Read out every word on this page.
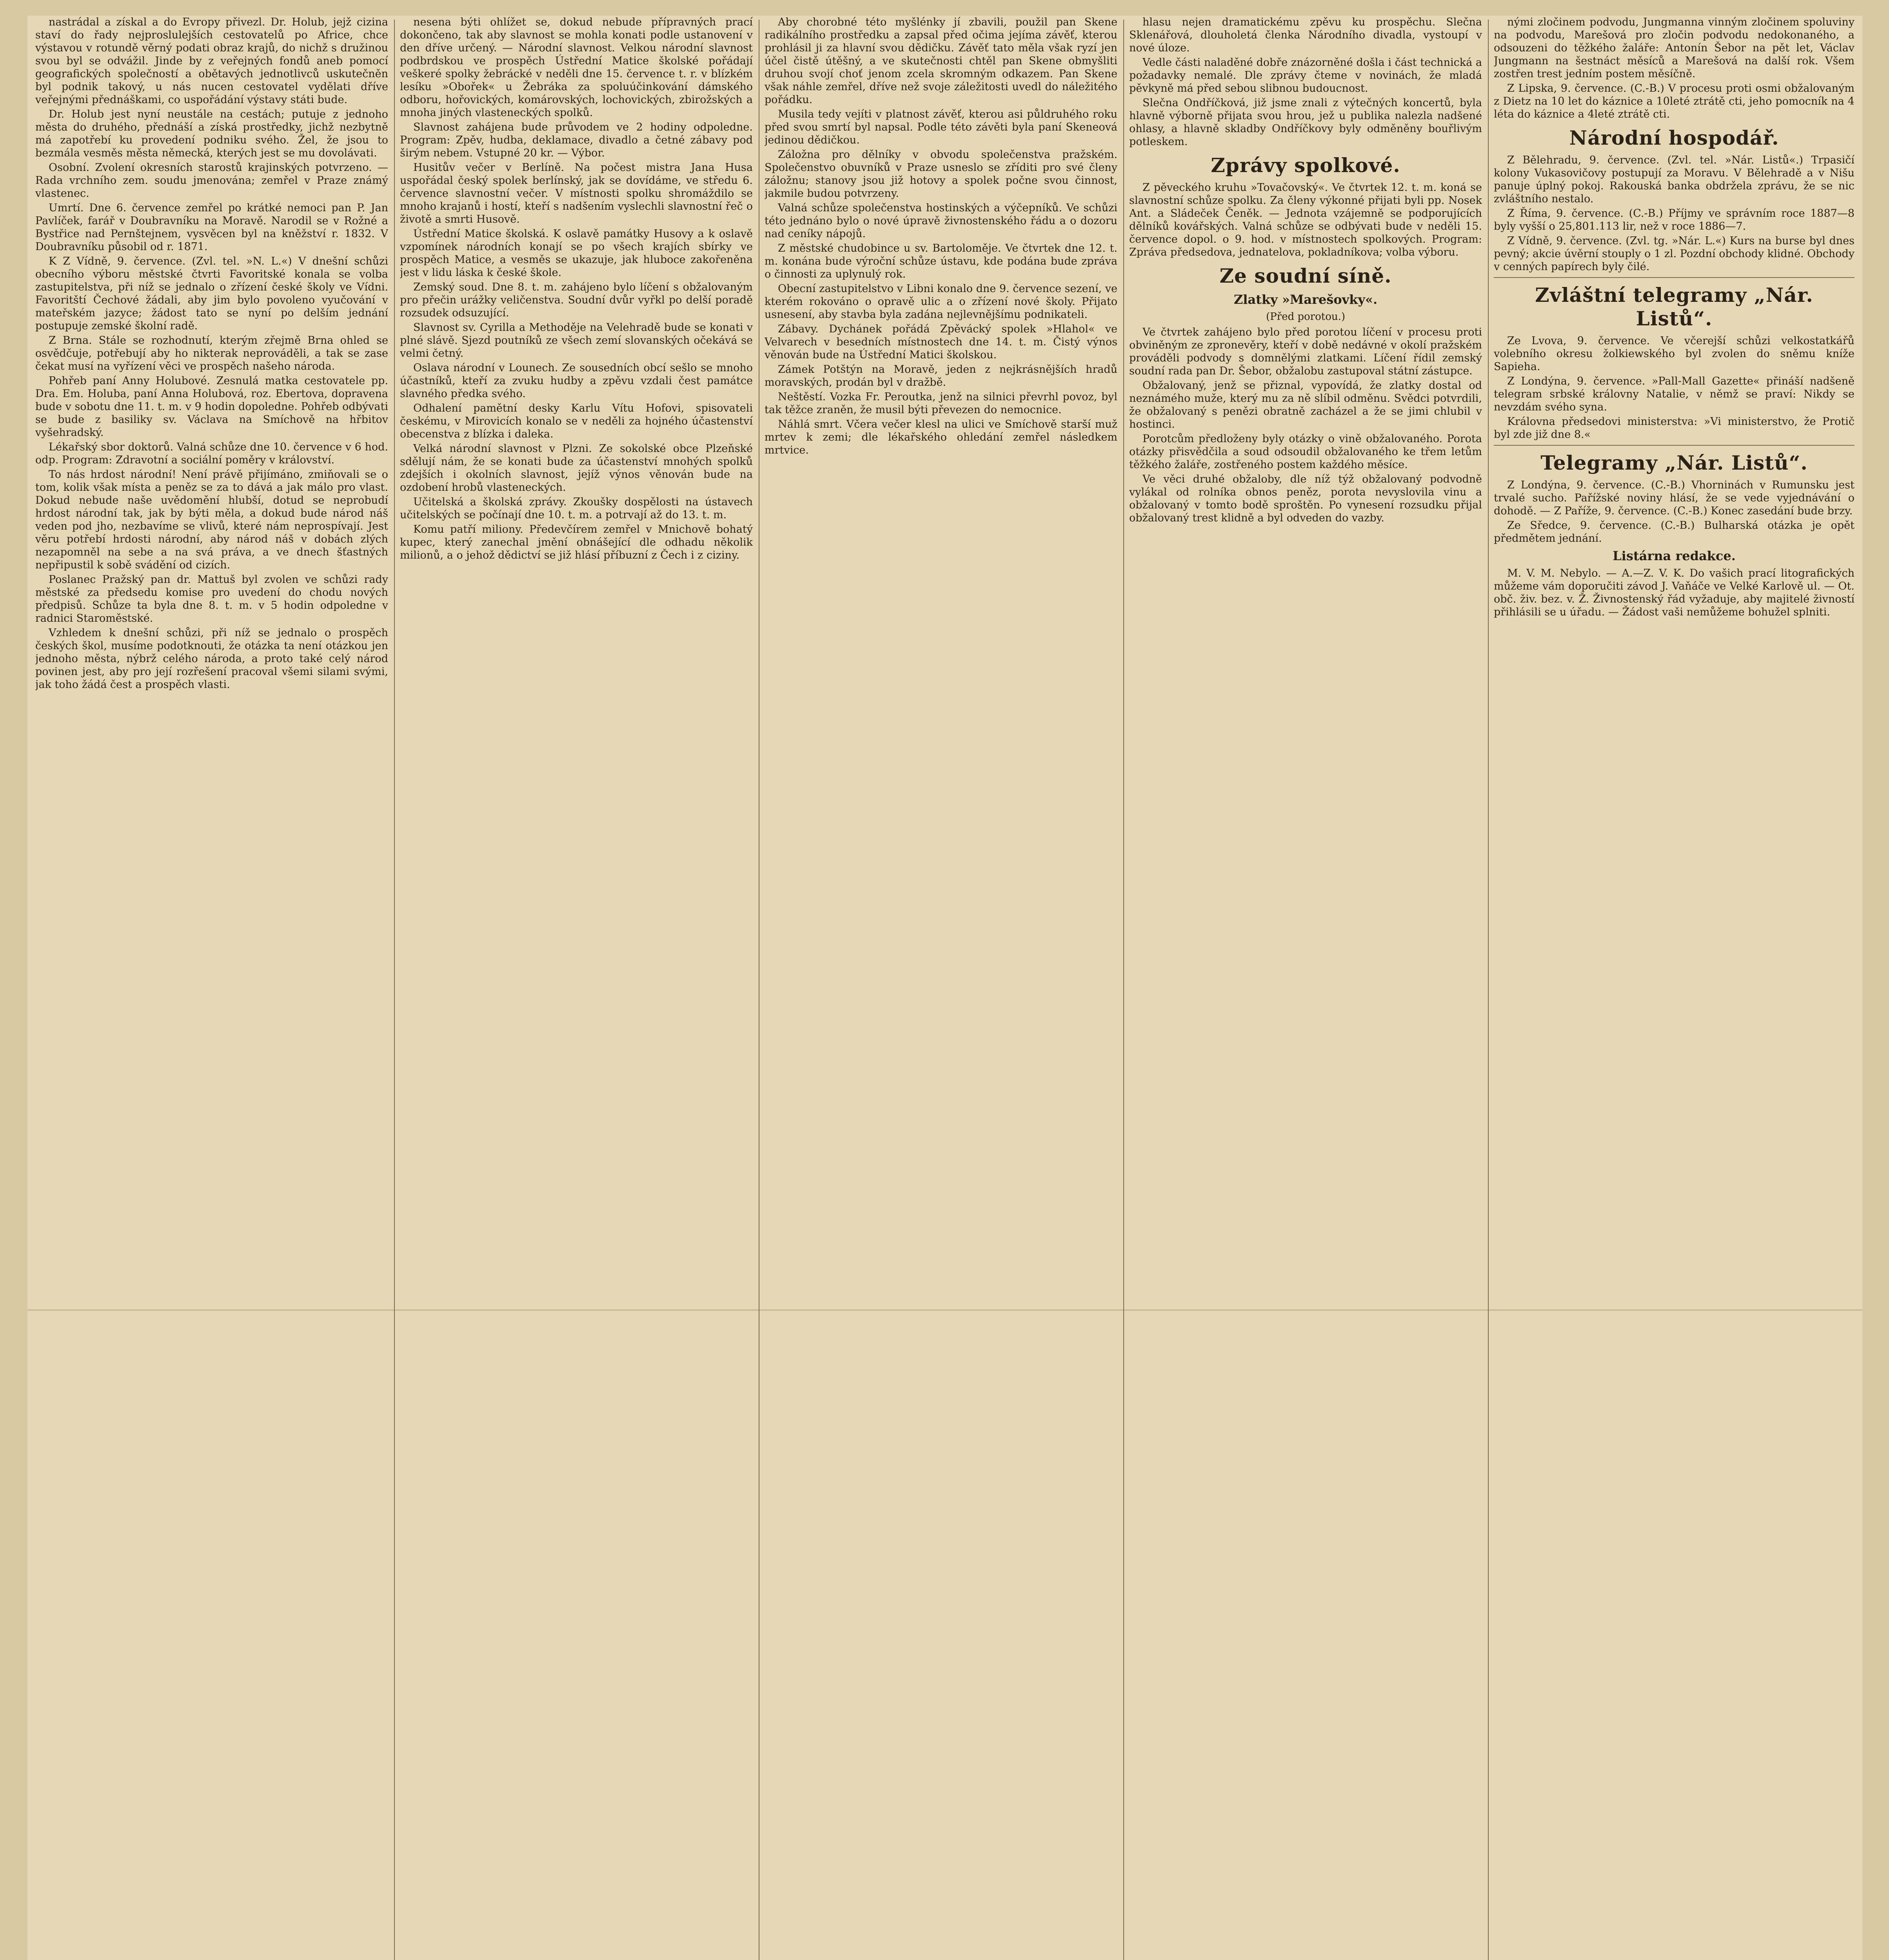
nastrádal a získal a do Evropy přivezl. Dr. Holub, jejž cizina staví do řady nejproslulejších cestovatelů po Africe, chce výstavou v rotundě věrný podati obraz krajů, do nichž s družinou svou byl se odvážil. Jinde by z veřejných fondů aneb pomocí geografických společností a obětavých jednotlivců uskutečněn byl podnik takový, u nás nucen cestovatel vydělati dříve veřejnými přednáškami, co uspořádání výstavy státi bude.

Dr. Holub jest nyní neustále na cestách; putuje z jednoho města do druhého, přednáší a získá prostředky, jichž nezbytně má zapotřebí ku provedení podniku svého. Žel, že jsou to bezmála vesměs města německá, kterých jest se mu dovolávati.

Osobní. Zvolení okresních starostů krajinských potvrzeno. — Rada vrchního zem. soudu jmenována; zemřel v Praze známý vlastenec.

Umrtí. Dne 6. července zemřel po krátké nemoci pan P. Jan Pavlíček, farář v Doubravníku na Moravě. Narodil se v Rožné a Bystřice nad Pernštejnem, vysvěcen byl na kněžství r. 1832. V Doubravníku působil od r. 1871.

K Z Vídně, 9. července. (Zvl. tel. »N. L.«) V dnešní schůzi obecního výboru městské čtvrti Favoritské konala se volba zastupitelstva, při níž se jednalo o zřízení české školy ve Vídni. Favoritští Čechové žádali, aby jim bylo povoleno vyučování v mateřském jazyce; žádost tato se nyní po delším jednání postupuje zemské školní radě.

Z Brna. Stále se rozhodnutí, kterým zřejmě Brna ohled se osvědčuje, potřebují aby ho nikterak neprováděli, a tak se zase čekat musí na vyřízení věci ve prospěch našeho národa.

Pohřeb paní Anny Holubové. Zesnulá matka cestovatele pp. Dra. Em. Holuba, paní Anna Holubová, roz. Ebertova, dopravena bude v sobotu dne 11. t. m. v 9 hodin dopoledne. Pohřeb odbývati se bude z basiliky sv. Václava na Smíchově na hřbitov vyšehradský.

Lékařský sbor doktorů. Valná schůze dne 10. července v 6 hod. odp. Program: Zdravotní a sociální poměry v království.

To nás hrdost národní! Není právě přijímáno, zmiňovali se o tom, kolik však místa a peněz se za to dává a jak málo pro vlast. Dokud nebude naše uvědomění hlubší, dotud se neprobudí hrdost národní tak, jak by býti měla, a dokud bude národ náš veden pod jho, nezbavíme se vlivů, které nám neprospívají. Jest věru potřebí hrdosti národní, aby národ náš v dobách zlých nezapomněl na sebe a na svá práva, a ve dnech šťastných nepřipustil k sobě svádění od cizích.

Poslanec Pražský pan dr. Mattuš byl zvolen ve schůzi rady městské za předsedu komise pro uvedení do chodu nových předpisů. Schůze ta byla dne 8. t. m. v 5 hodin odpoledne v radnici Staroměstské.

Vzhledem k dnešní schůzi, při níž se jednalo o prospěch českých škol, musíme podotknouti, že otázka ta není otázkou jen jednoho města, nýbrž celého národa, a proto také celý národ povinen jest, aby pro její rozřešení pracoval všemi silami svými, jak toho žádá čest a prospěch vlasti.

nesena býti ohlížet se, dokud nebude přípravných prací dokončeno, tak aby slavnost se mohla konati podle ustanovení v den dříve určený. — Národní slavnost. Velkou národní slavnost podbrdskou ve prospěch Ústřední Matice školské pořádají veškeré spolky žebrácké v neděli dne 15. července t. r. v blízkém lesíku »Obořek« u Žebráka za spoluúčinkování dámského odboru, hořovických, komárovských, lochovických, zbirožských a mnoha jiných vlasteneckých spolků.

Slavnost zahájena bude průvodem ve 2 hodiny odpoledne. Program: Zpěv, hudba, deklamace, divadlo a četné zábavy pod širým nebem. Vstupné 20 kr. — Výbor.

Husitův večer v Berlíně. Na počest mistra Jana Husa uspořádal český spolek berlínský, jak se dovídáme, ve středu 6. července slavnostní večer. V místnosti spolku shromáždilo se mnoho krajanů i hostí, kteří s nadšením vyslechli slavnostní řeč o životě a smrti Husově.

Ústřední Matice školská. K oslavě památky Husovy a k oslavě vzpomínek národních konají se po všech krajích sbírky ve prospěch Matice, a vesměs se ukazuje, jak hluboce zakořeněna jest v lidu láska k české škole.

Zemský soud. Dne 8. t. m. zahájeno bylo líčení s obžalovaným pro přečin urážky veličenstva. Soudní dvůr vyřkl po delší poradě rozsudek odsuzující.

Slavnost sv. Cyrilla a Methoděje na Velehradě bude se konati v plné slávě. Sjezd poutníků ze všech zemí slovanských očekává se velmi četný.

Oslava národní v Lounech. Ze sousedních obcí sešlo se mnoho účastníků, kteří za zvuku hudby a zpěvu vzdali čest památce slavného předka svého.

Odhalení pamětní desky Karlu Vítu Hofovi, spisovateli českému, v Mirovicích konalo se v neděli za hojného účastenství obecenstva z blízka i daleka.

Velká národní slavnost v Plzni. Ze sokolské obce Plzeňské sdělují nám, že se konati bude za účastenství mnohých spolků zdejších i okolních slavnost, jejíž výnos věnován bude na ozdobení hrobů vlasteneckých.

Učitelská a školská zprávy. Zkoušky dospělosti na ústavech učitelských se počínají dne 10. t. m. a potrvají až do 13. t. m.

Komu patří miliony. Předevčírem zemřel v Mnichově bohatý kupec, který zanechal jmění obnášející dle odhadu několik milionů, a o jehož dědictví se již hlásí příbuzní z Čech i z ciziny.

Aby chorobné této myšlénky jí zbavili, použil pan Skene radikálního prostředku a zapsal před očima jejíma závěť, kterou prohlásil ji za hlavní svou dědičku. Závěť tato měla však ryzí jen účel čistě útěšný, a ve skutečnosti chtěl pan Skene obmyšliti druhou svojí choť jenom zcela skromným odkazem. Pan Skene však náhle zemřel, dříve než svoje záležitosti uvedl do náležitého pořádku.

Musila tedy vejíti v platnost závěť, kterou asi půldruhého roku před svou smrtí byl napsal. Podle této závěti byla paní Skeneová jedinou dědičkou.

Záložna pro dělníky v obvodu společenstva pražském. Společenstvo obuvníků v Praze usneslo se zříditi pro své členy záložnu; stanovy jsou již hotovy a spolek počne svou činnost, jakmile budou potvrzeny.

Valná schůze společenstva hostinských a výčepníků. Ve schůzi této jednáno bylo o nové úpravě živnostenského řádu a o dozoru nad ceníky nápojů.

Z městské chudobince u sv. Bartoloměje. Ve čtvrtek dne 12. t. m. konána bude výroční schůze ústavu, kde podána bude zpráva o činnosti za uplynulý rok.

Obecní zastupitelstvo v Libni konalo dne 9. července sezení, ve kterém rokováno o opravě ulic a o zřízení nové školy. Přijato usnesení, aby stavba byla zadána nejlevnějšímu podnikateli.

Zábavy. Dychánek pořádá Zpěvácký spolek »Hlahol« ve Velvarech v besedních místnostech dne 14. t. m. Čistý výnos věnován bude na Ústřední Matici školskou.

Zámek Potštýn na Moravě, jeden z nejkrásnějších hradů moravských, prodán byl v dražbě.

Neštěstí. Vozka Fr. Peroutka, jenž na silnici převrhl povoz, byl tak těžce zraněn, že musil býti převezen do nemocnice.

Náhlá smrt. Včera večer klesl na ulici ve Smíchově starší muž mrtev k zemi; dle lékařského ohledání zemřel následkem mrtvice.

hlasu nejen dramatickému zpěvu ku prospěchu. Slečna Sklenářová, dlouholetá členka Národního divadla, vystoupí v nové úloze.

Vedle části naladěné dobře znázorněné došla i část technická a požadavky nemalé. Dle zprávy čteme v novinách, že mladá pěvkyně má před sebou slibnou budoucnost.

Slečna Ondříčková, již jsme znali z výtečných koncertů, byla hlavně výborně přijata svou hrou, jež u publika nalezla nadšené ohlasy, a hlavně skladby Ondříčkovy byly odměněny bouřlivým potleskem.

Zprávy spolkové.

Z pěveckého kruhu »Tovačovský«. Ve čtvrtek 12. t. m. koná se slavnostní schůze spolku. Za členy výkonné přijati byli pp. Nosek Ant. a Sládeček Čeněk. — Jednota vzájemně se podporujících dělníků kovářských. Valná schůze se odbývati bude v neděli 15. července dopol. o 9. hod. v místnostech spolkových. Program: Zpráva předsedova, jednatelova, pokladníkova; volba výboru.

Ze soudní síně.
Zlatky »Marešovky«.
(Před porotou.)

Ve čtvrtek zahájeno bylo před porotou líčení v procesu proti obviněným ze zpronevěry, kteří v době nedávné v okolí pražském prováděli podvody s domnělými zlatkami. Líčení řídil zemský soudní rada pan Dr. Šebor, obžalobu zastupoval státní zástupce.

Obžalovaný, jenž se přiznal, vypovídá, že zlatky dostal od neznámého muže, který mu za ně slíbil odměnu. Svědci potvrdili, že obžalovaný s penězi obratně zacházel a že se jimi chlubil v hostinci.

Porotcům předloženy byly otázky o vině obžalovaného. Porota otázky přisvědčila a soud odsoudil obžalovaného ke třem letům těžkého žaláře, zostřeného postem každého měsíce.

Ve věci druhé obžaloby, dle níž týž obžalovaný podvodně vylákal od rolníka obnos peněz, porota nevyslovila vinu a obžalovaný v tomto bodě sproštěn. Po vynesení rozsudku přijal obžalovaný trest klidně a byl odveden do vazby.

nými zločinem podvodu, Jungmanna vinným zločinem spoluviny na podvodu, Marešová pro zločin podvodu nedokonaného, a odsouzeni do těžkého žaláře: Antonín Šebor na pět let, Václav Jungmann na šestnáct měsíců a Marešová na další rok. Všem zostřen trest jedním postem měsíčně.

Z Lipska, 9. července. (C.-B.) V procesu proti osmi obžalovaným z Dietz na 10 let do káznice a 10leté ztrátě cti, jeho pomocník na 4 léta do káznice a 4leté ztrátě cti.

Národní hospodář.

Z Bělehradu, 9. července. (Zvl. tel. »Nár. Listů«.) Trpasičí kolony Vukasovičovy postupují za Moravu. V Bělehradě a v Nišu panuje úplný pokoj. Rakouská banka obdržela zprávu, že se nic zvláštního nestalo.

Z Říma, 9. července. (C.-B.) Příjmy ve správním roce 1887—8 byly vyšší o 25,801.113 lir, než v roce 1886—7.

Z Vídně, 9. července. (Zvl. tg. »Nár. L.«) Kurs na burse byl dnes pevný; akcie úvěrní stouply o 1 zl. Pozdní obchody klidné. Obchody v cenných papírech byly čilé.

Zvláštní telegramy „Nár. Listů“.

Ze Lvova, 9. července. Ve včerejší schůzi velkostatkářů volebního okresu žolkiewského byl zvolen do sněmu kníže Sapieha.

Z Londýna, 9. července. »Pall-Mall Gazette« přináší nadšeně telegram srbské královny Natalie, v němž se praví: Nikdy se nevzdám svého syna.

Královna předsedovi ministerstva: »Vi ministerstvo, že Protič byl zde již dne 8.«

Telegramy „Nár. Listů“.

Z Londýna, 9. července. (C.-B.) Vhorninách v Rumunsku jest trvalé sucho. Pařížské noviny hlásí, že se vede vyjednávání o dohodě. — Z Paříže, 9. července. (C.-B.) Konec zasedání bude brzy.

Ze Sředce, 9. července. (C.-B.) Bulharská otázka je opět předmětem jednání.

Listárna redakce.

M. V. M. Nebylo. — A.—Z. V. K. Do vašich prací litografických můžeme vám doporučiti závod J. Vaňáče ve Velké Karlově ul. — Ot. obč. živ. bez. v. Ž. Živnostenský řád vyžaduje, aby majitelé živností přihlásili se u úřadu. — Žádost vaši nemůžeme bohužel splniti.
